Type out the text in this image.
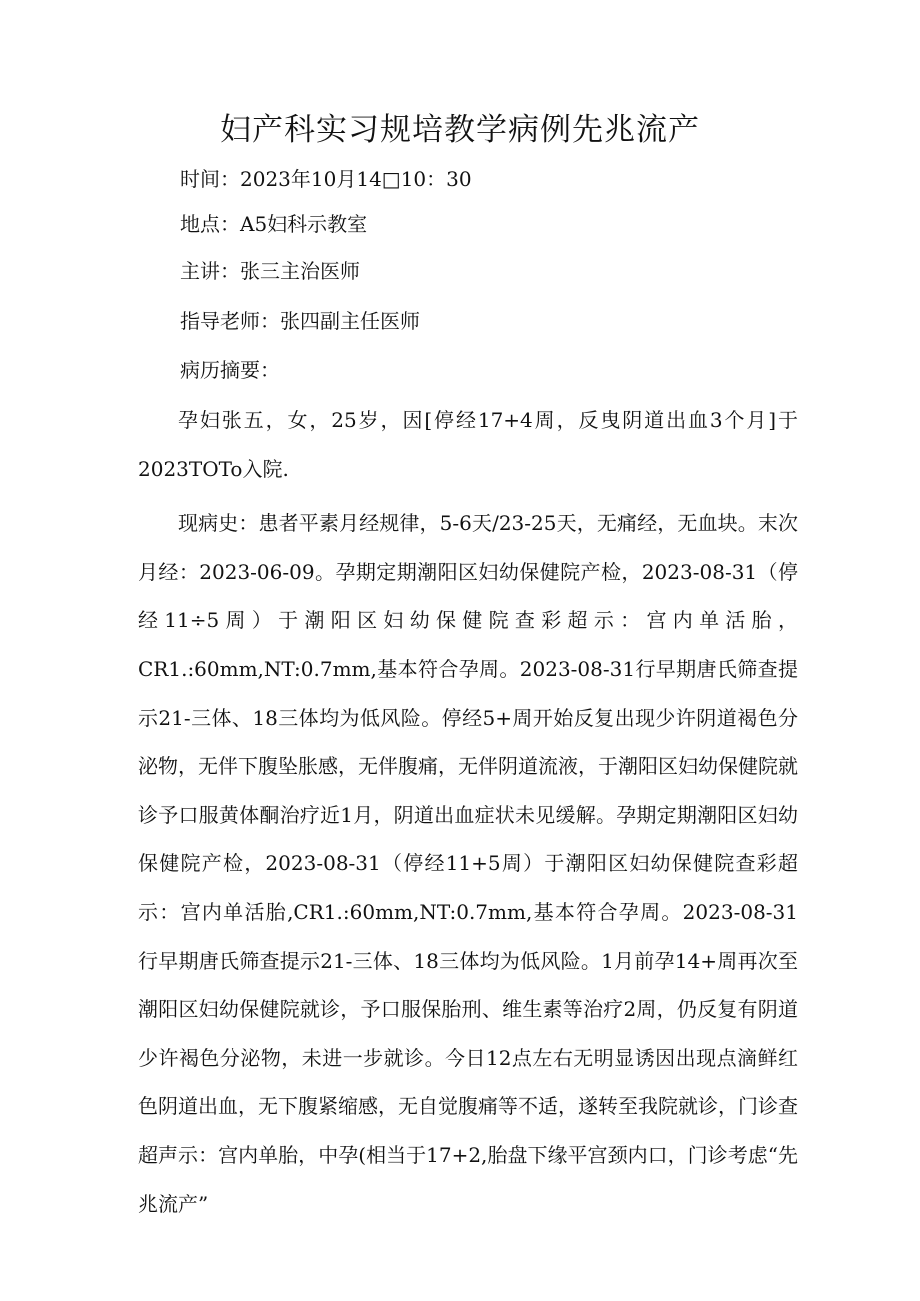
妇产科实习规培教学病例先兆流产
时间：2023年10月14□10：30
地点：A5妇科示教室
主讲：张三主治医师
指导老师：张四副主任医师
病历摘要：

孕妇张五，女，25岁，因[停经17+4周，反曳阴道出血3个月]于2023TOTo入院.

现病史：患者平素月经规律，5-6天/23-25天，无痛经，无血块。末次月经：2023-06-09。孕期定期潮阳区妇幼保健院产检，2023-08-31（停经11÷5周）于潮阳区妇幼保健院查彩超示：宫内单活胎，CR1.:60mm,NT:0.7mm,基本符合孕周。2023-08-31行早期唐氏筛查提示21-三体、18三体均为低风险。停经5+周开始反复出现少许阴道褐色分泌物，无伴下腹坠胀感，无伴腹痛，无伴阴道流液，于潮阳区妇幼保健院就诊予口服黄体酮治疗近1月，阴道出血症状未见缓解。孕期定期潮阳区妇幼保健院产检，2023-08-31（停经11+5周）于潮阳区妇幼保健院查彩超示：宫内单活胎,CR1.:60mm,NT:0.7mm,基本符合孕周。2023-08-31行早期唐氏筛查提示21-三体、18三体均为低风险。1月前孕14+周再次至潮阳区妇幼保健院就诊，予口服保胎刑、维生素等治疗2周，仍反复有阴道少许褐色分泌物，未进一步就诊。今日12点左右无明显诱因出现点滴鲜红色阴道出血，无下腹紧缩感，无自觉腹痛等不适，遂转至我院就诊，门诊查超声示：宫内单胎，中孕(相当于17+2,胎盘下缘平宫颈内口，门诊考虑“先兆流产”
